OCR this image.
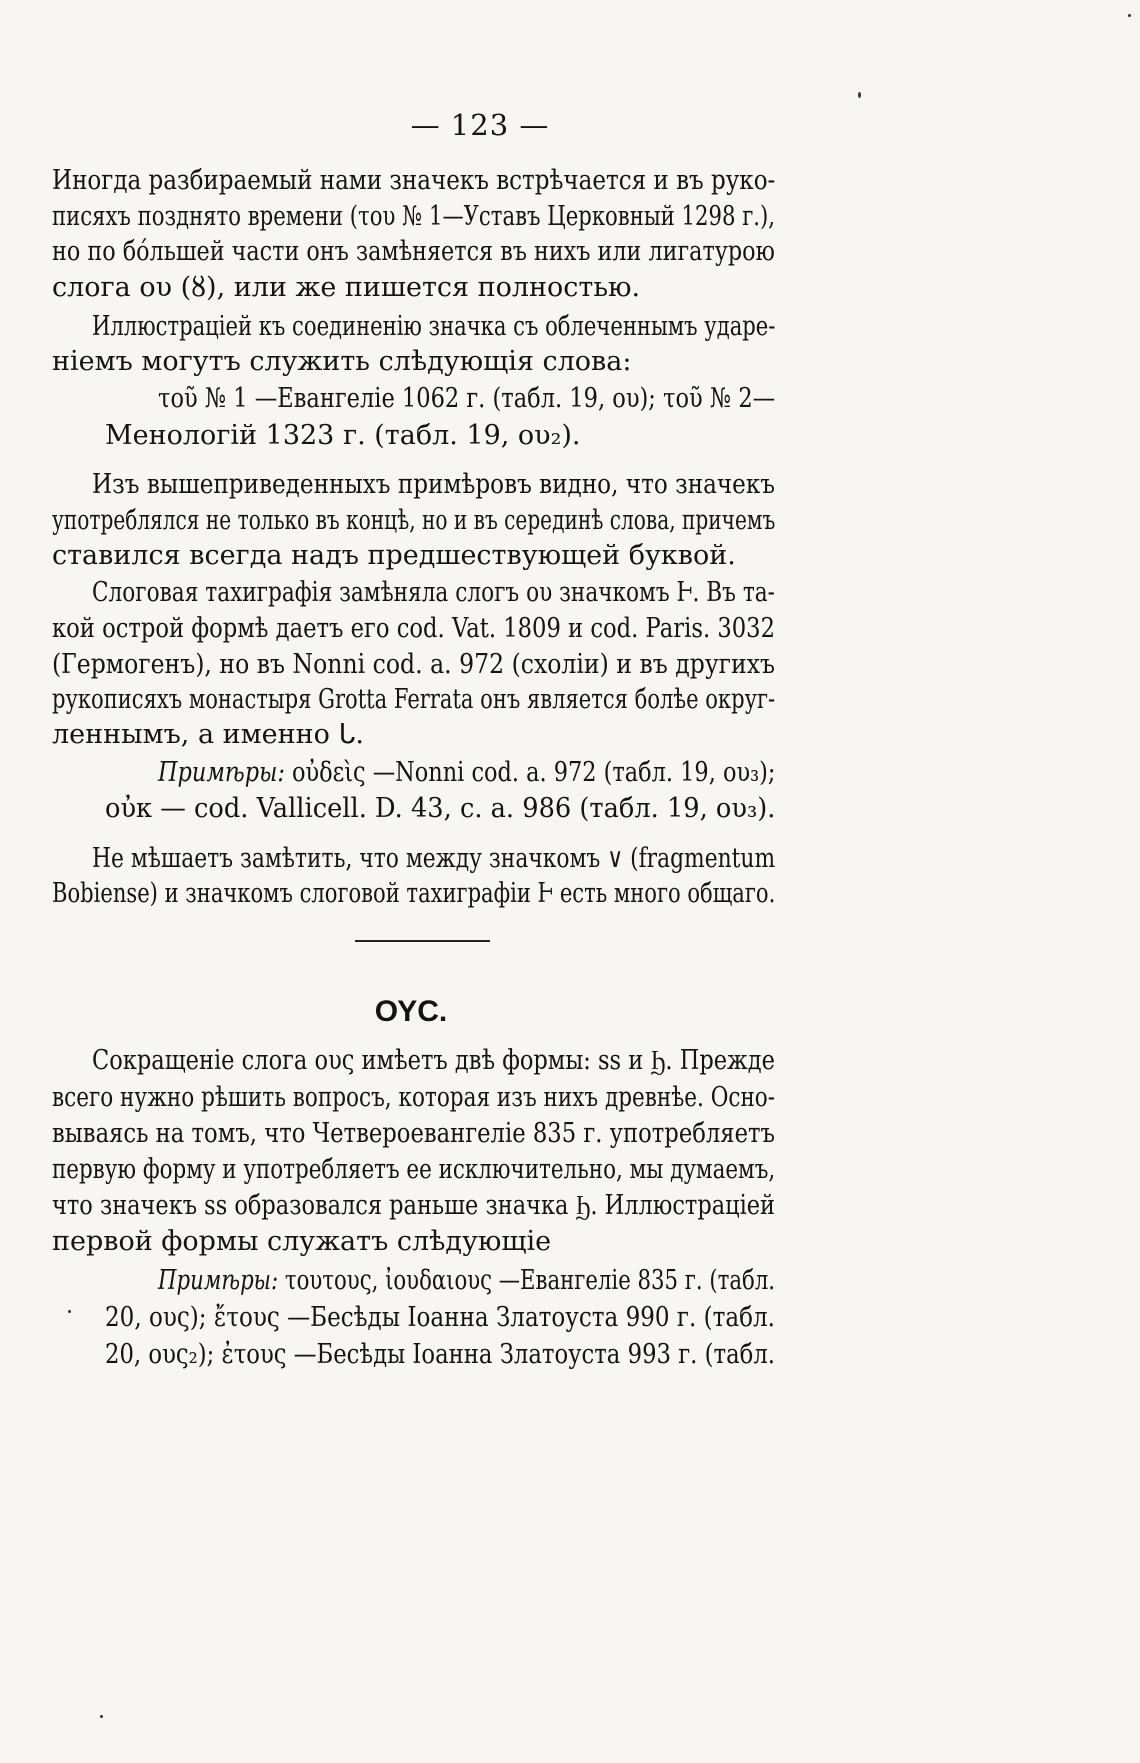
— 123 —
Иногда разбираемый нами значекъ встрѣчается и въ руко-
писяхъ позднято времени (του № 1—Уставъ Церковный 1298 г.),
но по бóльшей части онъ замѣняется въ нихъ или лигатурою
слога ου (ȣ), или же пишется полностью.
Иллюстраціей къ соединенію значка съ облеченнымъ ударе-
ніемъ могутъ служить слѣдующія слова:
τοῦ № 1 —Евангеліе 1062 г. (табл. 19, ου); τοῦ № 2—
Менологій 1323 г. (табл. 19, ου₂).
Изъ вышеприведенныхъ примѣровъ видно, что значекъ
употреблялся не только въ концѣ, но и въ серединѣ слова, причемъ
ставился всегда надъ предшествующей буквой.
Слоговая тахиграфія замѣняла слогъ ου значкомъ Ⱶ. Въ та-
кой острой формѣ даетъ его cod. Vat. 1809 и cod. Paris. 3032
(Гермогенъ), но въ Nonni cod. a. 972 (схоліи) и въ другихъ
рукописяхъ монастыря Grotta Ferrata онъ является болѣе округ-
леннымъ, а именно ᒐ.
Примѣры: οὐδεὶς —Nonni cod. a. 972 (табл. 19, ου₃);
οὐκ — cod. Vallicell. D. 43, c. a. 986 (табл. 19, ου₃).
Не мѣшаетъ замѣтить, что между значкомъ ∨ (fragmentum
Bobiense) и значкомъ слоговой тахиграфіи Ⱶ есть много общаго.
ΟΥС.
Сокращеніе слога ους имѣетъ двѣ формы: ss и Ϧ. Прежде
всего нужно рѣшить вопросъ, которая изъ нихъ древнѣе. Осно-
вываясь на томъ, что Четвероевангеліе 835 г. употребляетъ
первую форму и употребляетъ ее исключительно, мы думаемъ,
что значекъ ss образовался раньше значка Ϧ. Иллюстраціей
первой формы служатъ слѣдующіе
Примѣры: τουτους, ἰουδαιους —Евангеліе 835 г. (табл.
20, ους); ἔτους —Бесѣды Іоанна Златоуста 990 г. (табл.
20, ους₂); ἐτους —Бесѣды Іоанна Златоуста 993 г. (табл.
